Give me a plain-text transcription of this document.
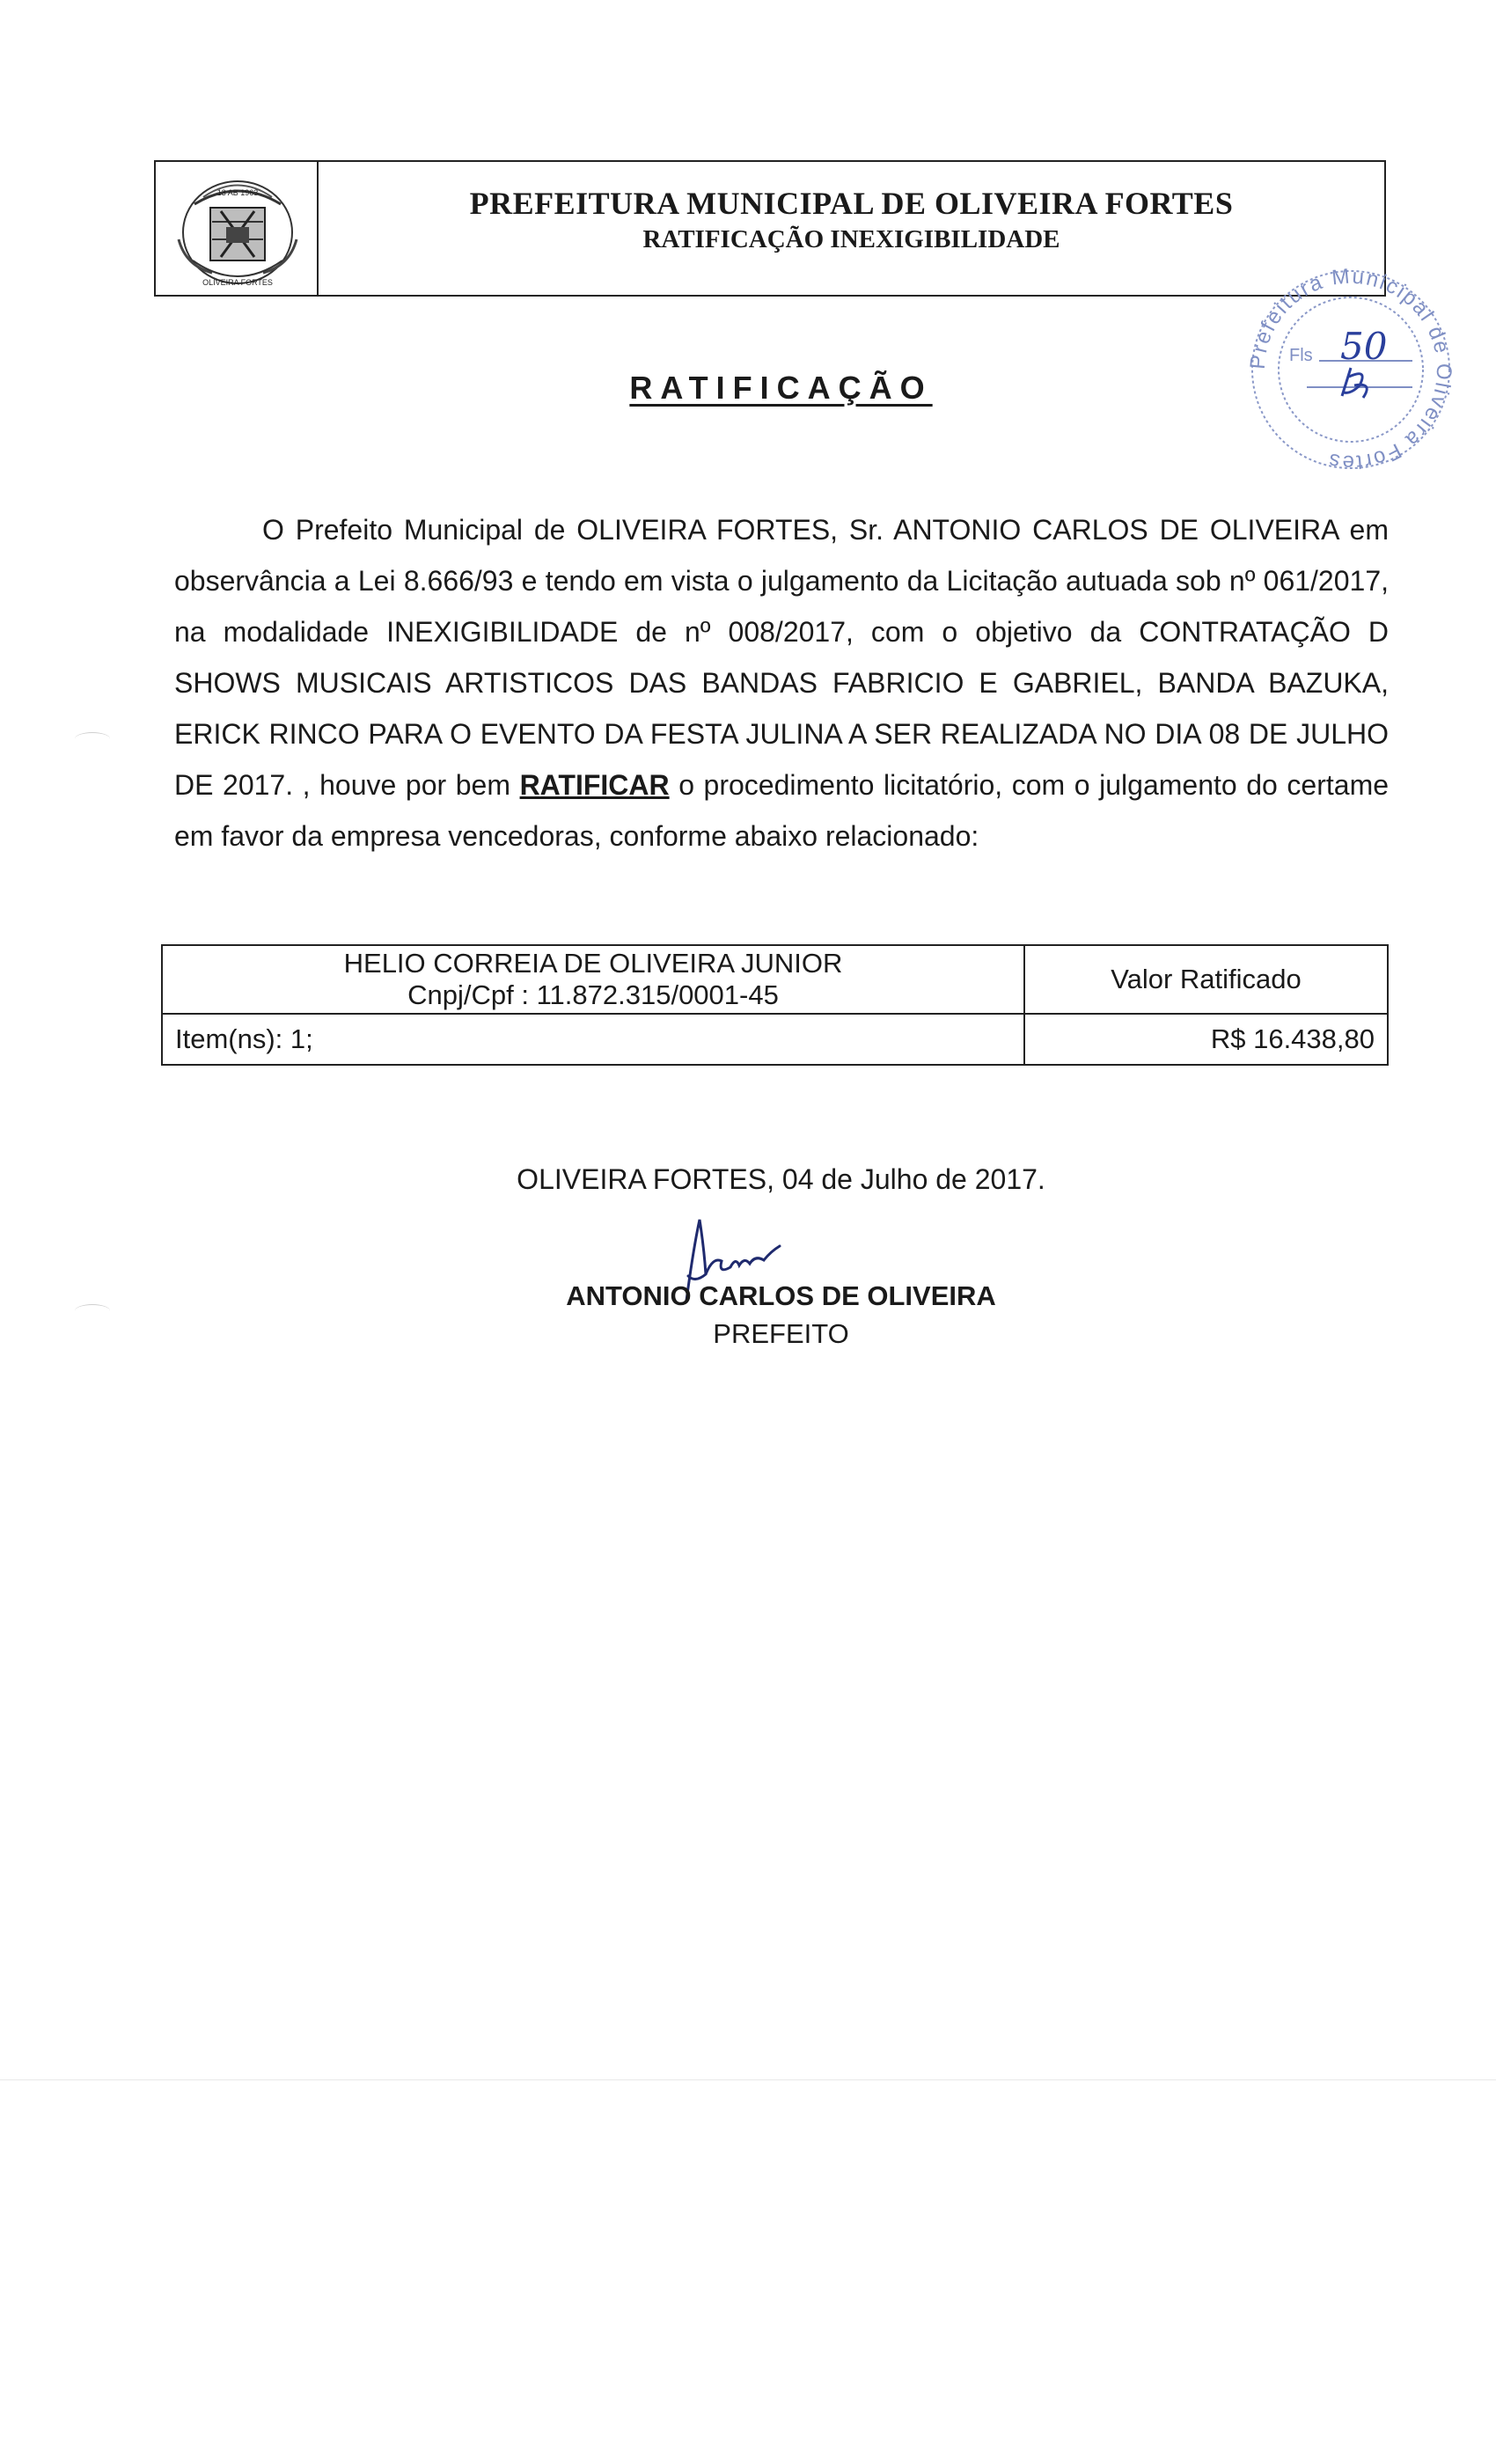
OLIVEIRA FORTES
13 AB 1963	PREFEITURA MUNICIPAL DE OLIVEIRA FORTES
RATIFICAÇÃO INEXIGIBILIDADE
Prefeitura Municipal de Oliveira Fortes
Fls 50
RATIFICAÇÃO
O Prefeito Municipal de OLIVEIRA FORTES, Sr. ANTONIO CARLOS DE OLIVEIRA em observância a Lei 8.666/93 e tendo em vista o julgamento da Licitação autuada sob nº 061/2017, na modalidade INEXIGIBILIDADE de nº 008/2017, com o objetivo da CONTRATAÇÃO D SHOWS MUSICAIS ARTISTICOS DAS BANDAS FABRICIO E GABRIEL, BANDA BAZUKA, ERICK RINCO PARA O EVENTO DA FESTA JULINA A SER REALIZADA NO DIA 08 DE JULHO DE 2017. , houve por bem RATIFICAR o procedimento licitatório, com o julgamento do certame em favor da empresa vencedoras, conforme abaixo relacionado:
HELIO CORREIA DE OLIVEIRA JUNIOR
Cnpj/Cpf : 11.872.315/0001-45	Valor Ratificado
Item(ns): 1;	R$ 16.438,80
OLIVEIRA FORTES, 04 de Julho de 2017.
ANTONIO CARLOS DE OLIVEIRA
PREFEITO
